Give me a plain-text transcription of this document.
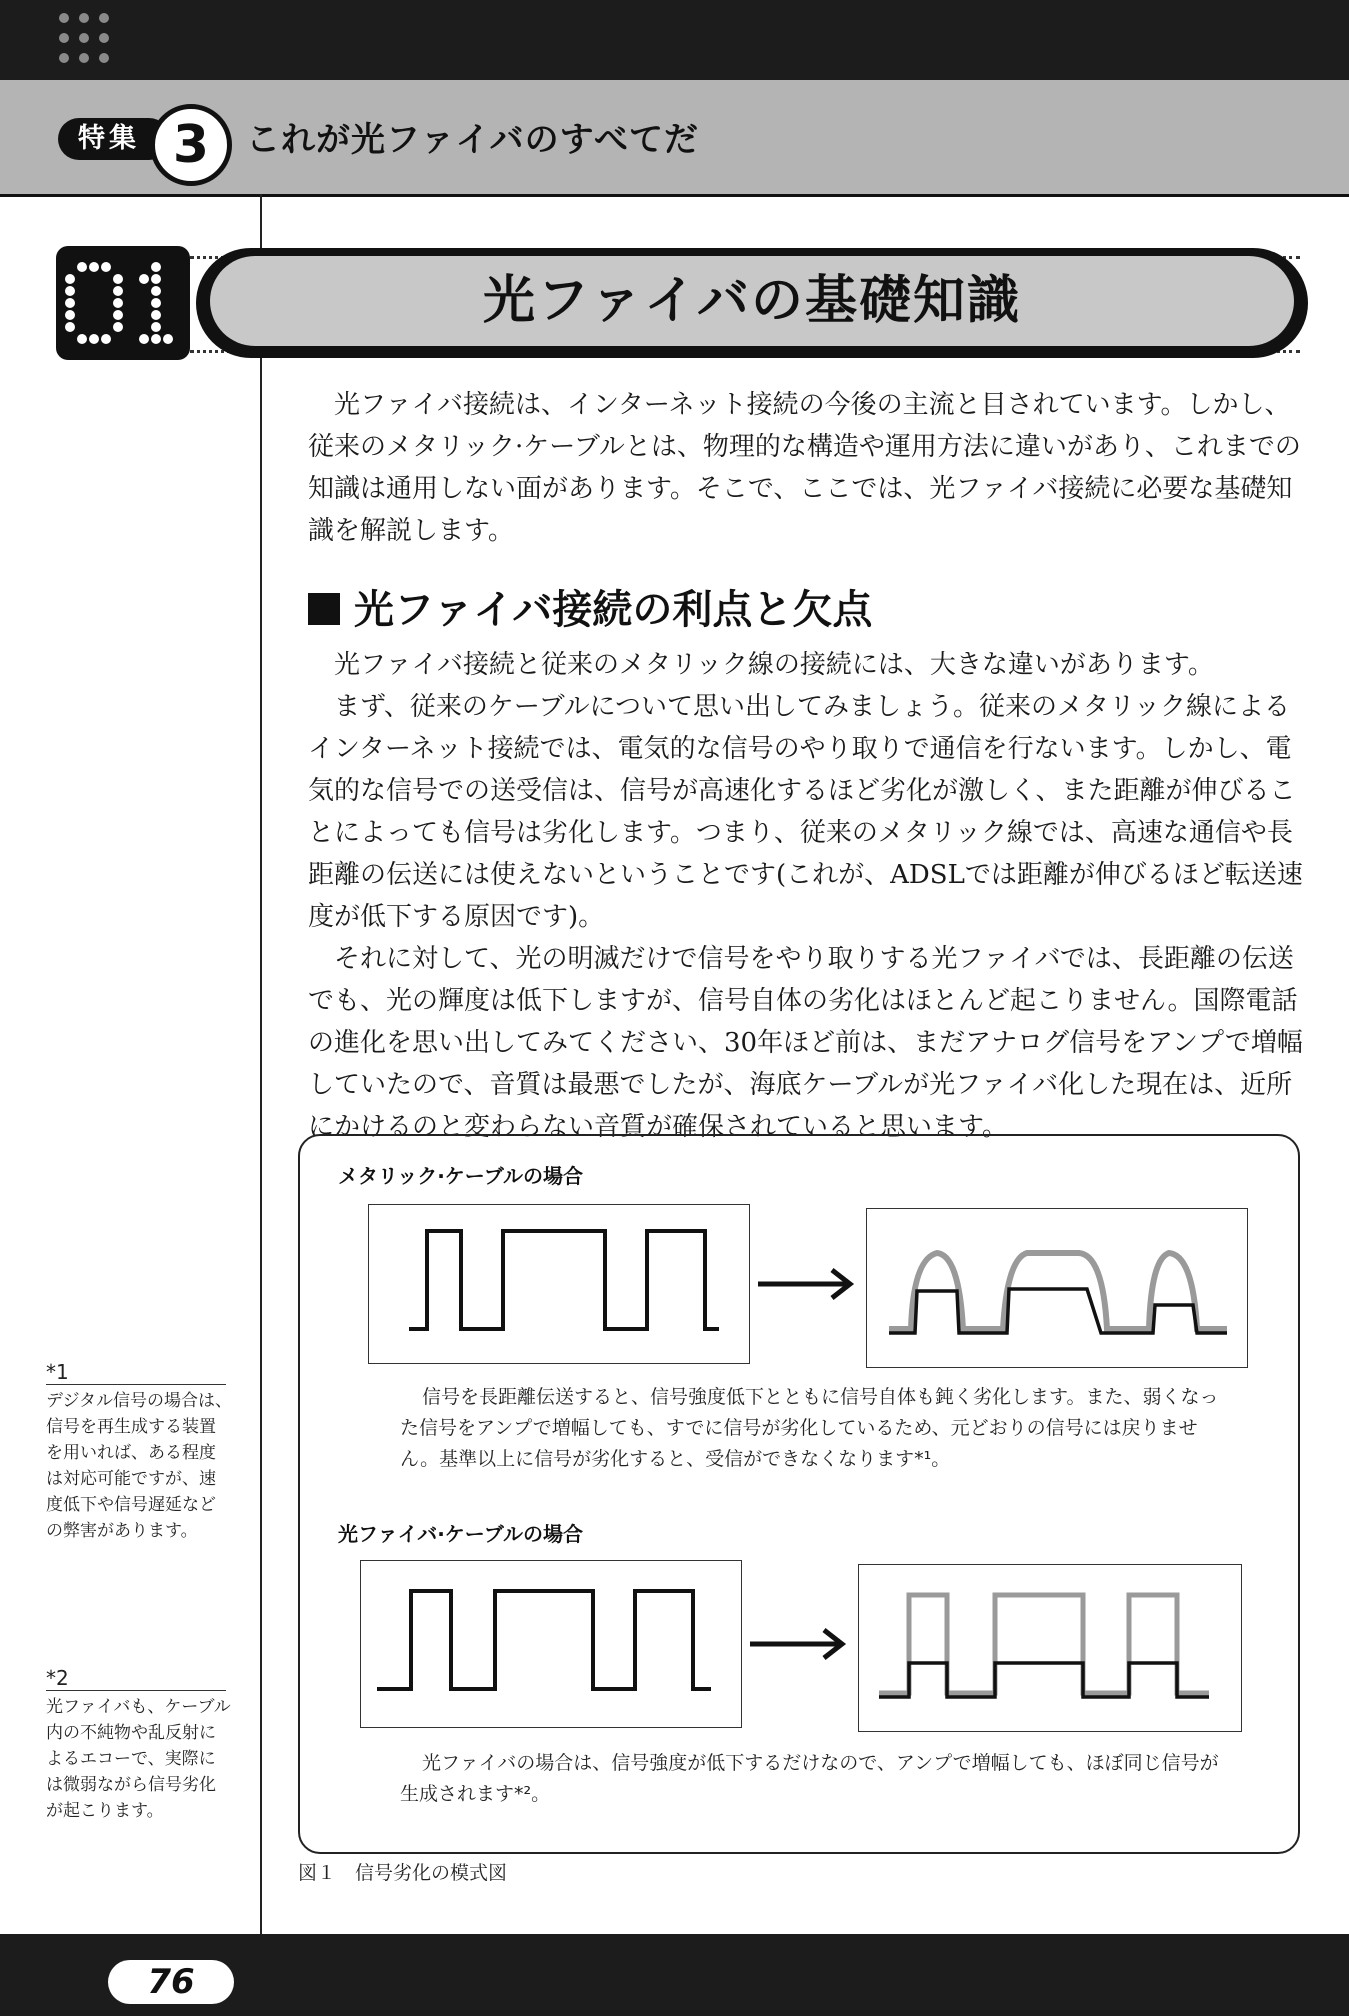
特集 3	これが光ファイバのすべてだ
光ファイバの基礎知識

光ファイバ接続は、インターネット接続の今後の主流と目されています。しかし、従来のメタリック·ケーブルとは、物理的な構造や運用方法に違いがあり、これまでの知識は通用しない面があります。そこで、ここでは、光ファイバ接続に必要な基礎知識を解説します。

光ファイバ接続の利点と欠点
光ファイバ接続と従来のメタリック線の接続には、大きな違いがあります。
まず、従来のケーブルについて思い出してみましょう。従来のメタリック線によるインターネット接続では、電気的な信号のやり取りで通信を行ないます。しかし、電気的な信号での送受信は、信号が高速化するほど劣化が激しく、また距離が伸びることによっても信号は劣化します。つまり、従来のメタリック線では、高速な通信や長距離の伝送には使えないということです(これが、ADSLでは距離が伸びるほど転送速度が低下する原因です)。
それに対して、光の明滅だけで信号をやり取りする光ファイバでは、長距離の伝送でも、光の輝度は低下しますが、信号自体の劣化はほとんど起こりません。国際電話の進化を思い出してみてください、30年ほど前は、まだアナログ信号をアンプで増幅していたので、音質は最悪でしたが、海底ケーブルが光ファイバ化した現在は、近所にかけるのと変わらない音質が確保されていると思います。
メタリック·ケーブルの場合
信号を長距離伝送すると、信号強度低下とともに信号自体も鈍く劣化します。また、弱くなった信号をアンプで増幅しても、すでに信号が劣化しているため、元どおりの信号には戻りません。基準以上に信号が劣化すると、受信ができなくなります*¹。
光ファイバ·ケーブルの場合
光ファイバの場合は、信号強度が低下するだけなので、アンプで増幅しても、ほぼ同じ信号が生成されます*²。
図１　信号劣化の模式図
*1
デジタル信号の場合は、信号を再生成する装置を用いれば、ある程度は対応可能ですが、速度低下や信号遅延などの弊害があります。
*2
光ファイバも、ケーブル内の不純物や乱反射によるエコーで、実際には微弱ながら信号劣化が起こります。
76
